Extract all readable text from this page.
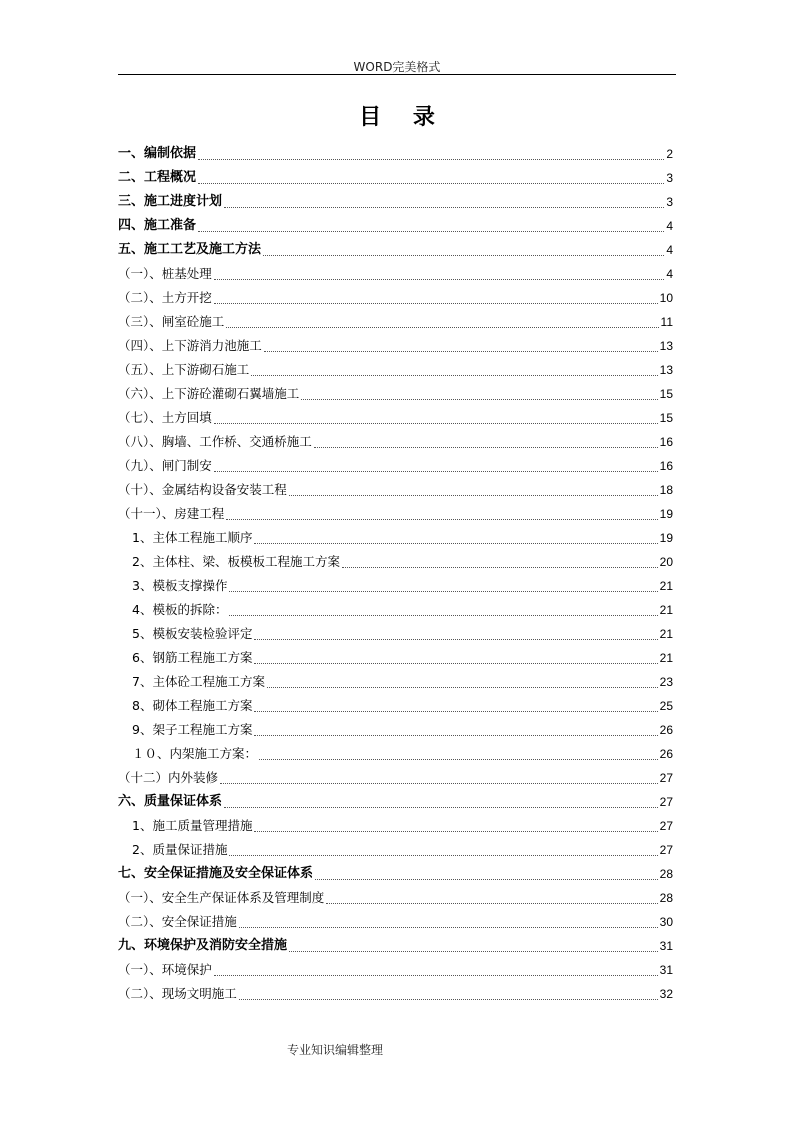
WORD完美格式
目 录
一、编制依据	2
二、工程概况	3
三、施工进度计划	3
四、施工准备	4
五、施工工艺及施工方法	4
（一）、桩基处理	4
（二）、土方开挖	10
（三）、闸室砼施工	11
（四）、上下游消力池施工	13
（五）、上下游砌石施工	13
（六）、上下游砼灌砌石翼墙施工	15
（七）、土方回填	15
（八）、胸墙、工作桥、交通桥施工	16
（九）、闸门制安	16
（十）、金属结构设备安装工程	18
（十一）、房建工程	19
1、主体工程施工顺序	19
2、主体柱、梁、板模板工程施工方案	20
3、模板支撑操作	21
4、模板的拆除：	21
5、模板安装检验评定	21
6、钢筋工程施工方案	21
7、主体砼工程施工方案	23
8、砌体工程施工方案	25
9、架子工程施工方案	26
１０、内架施工方案：	26
（十二）内外装修	27
六、质量保证体系	27
1、施工质量管理措施	27
2、质量保证措施	27
七、安全保证措施及安全保证体系	28
（一）、安全生产保证体系及管理制度	28
（二）、安全保证措施	30
九、环境保护及消防安全措施	31
（一）、环境保护	31
（二）、现场文明施工	32
专业知识编辑整理
